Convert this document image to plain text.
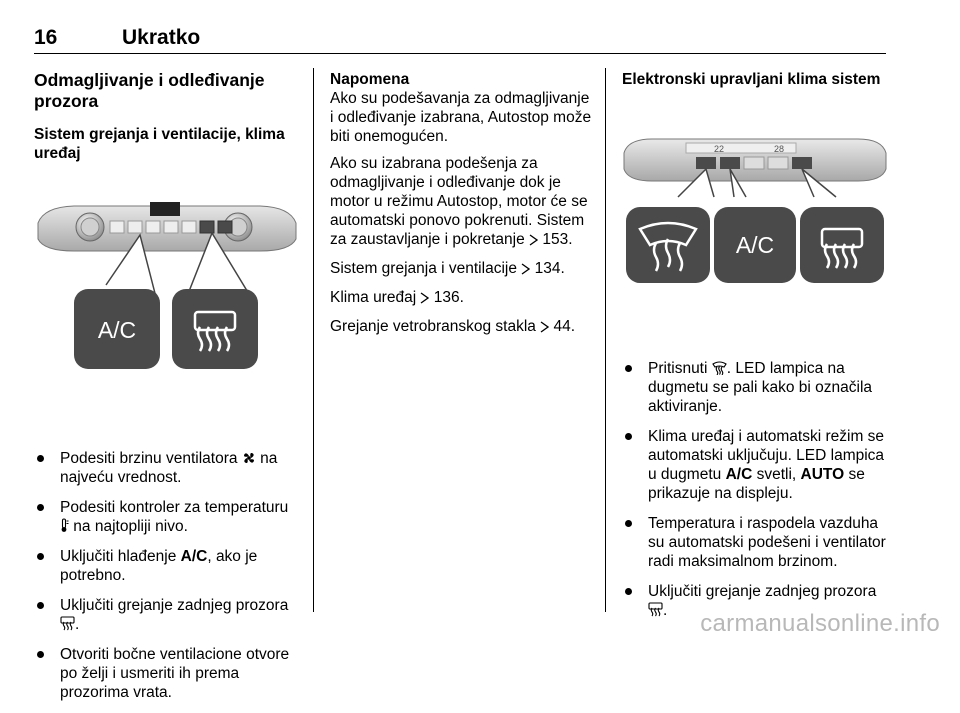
16	Ukratko
Odmagljivanje i odleđivanje prozora
Sistem grejanja i ventilacije, klima uređaj
A/C
Podesiti brzinu ventilatora  na najveću vrednost.
Podesiti kontroler za temperaturu  na najtopliji nivo.
Uključiti hlađenje A/C, ako je potrebno.
Uključiti grejanje zadnjeg prozora .
Otvoriti bočne ventilacione otvore po želji i usmeriti ih prema prozorima vrata.
Napomena

Ako su podešavanja za odmagljivanje i odleđivanje izabrana, Autostop može biti onemogućen.

Ako su izabrana podešenja za odmagljivanje i odleđivanje dok je motor u režimu Autostop, motor će se automatski ponovo pokrenuti. Sistem za zaustavljanje i pokretanje 153.

Sistem grejanja i ventilacije 134.

Klima uređaj 136.

Grejanje vetrobranskog stakla 44.

Elektronski upravljani klima sistem
22	28
A/C
Pritisnuti . LED lampica na dugmetu se pali kako bi označila aktiviranje.
Klima uređaj i automatski režim se automatski uključuju. LED lampica u dugmetu A/C svetli, AUTO se prikazuje na displeju.
Temperatura i raspodela vazduha su automatski podešeni i ventilator radi maksimalnom brzinom.
Uključiti grejanje zadnjeg prozora .	carmanualsonline.info
